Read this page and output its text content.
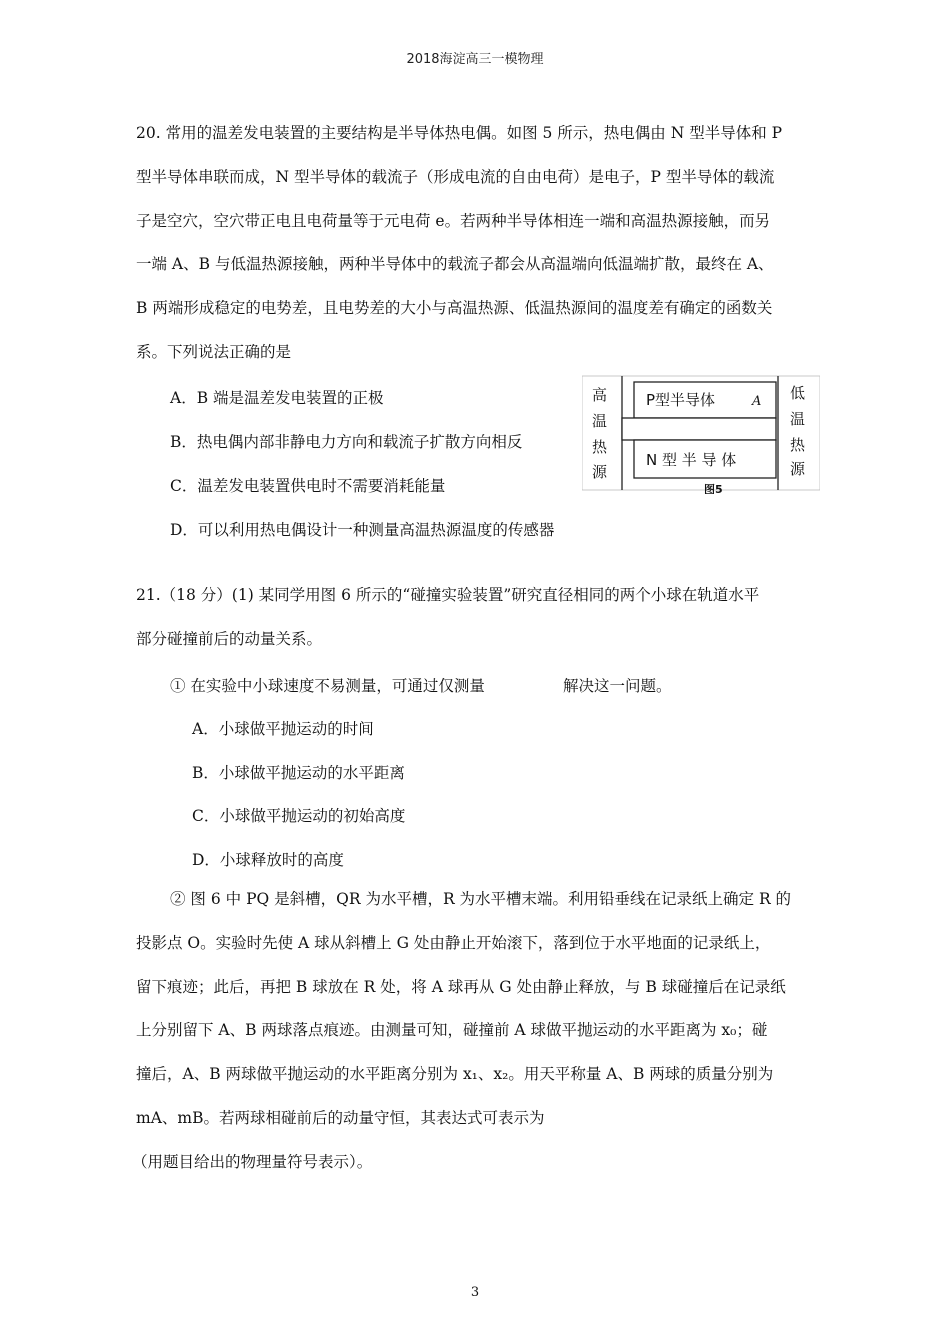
2018海淀高三一模物理
20. 常用的温差发电装置的主要结构是半导体热电偶。如图 5 所示，热电偶由 N 型半导体和 P
型半导体串联而成，N 型半导体的载流子（形成电流的自由电荷）是电子，P 型半导体的载流
子是空穴，空穴带正电且电荷量等于元电荷 e。若两种半导体相连一端和高温热源接触，而另
一端 A、B 与低温热源接触，两种半导体中的载流子都会从高温端向低温端扩散，最终在 A、
B 两端形成稳定的电势差，且电势差的大小与高温热源、低温热源间的温度差有确定的函数关
系。下列说法正确的是
A．B 端是温差发电装置的正极
B．热电偶内部非静电力方向和载流子扩散方向相反
C．温差发电装置供电时不需要消耗能量
D．可以利用热电偶设计一种测量高温热源温度的传感器
高
温
热
源
低
温
热
源
P型半导体
N 型 半 导 体
A
图5
21.（18 分）(1) 某同学用图 6 所示的“碰撞实验装置”研究直径相同的两个小球在轨道水平
部分碰撞前后的动量关系。
① 在实验中小球速度不易测量，可通过仅测量	解决这一问题。
A．小球做平抛运动的时间
B．小球做平抛运动的水平距离
C．小球做平抛运动的初始高度
D．小球释放时的高度
② 图 6 中 PQ 是斜槽，QR 为水平槽，R 为水平槽末端。利用铅垂线在记录纸上确定 R 的
投影点 O。实验时先使 A 球从斜槽上 G 处由静止开始滚下，落到位于水平地面的记录纸上，
留下痕迹；此后，再把 B 球放在 R 处，将 A 球再从 G 处由静止释放，与 B 球碰撞后在记录纸
上分别留下 A、B 两球落点痕迹。由测量可知，碰撞前 A 球做平抛运动的水平距离为 x₀；碰
撞后，A、B 两球做平抛运动的水平距离分别为 x₁、x₂。用天平称量 A、B 两球的质量分别为
mA、mB。若两球相碰前后的动量守恒，其表达式可表示为
（用题目给出的物理量符号表示）。
3
